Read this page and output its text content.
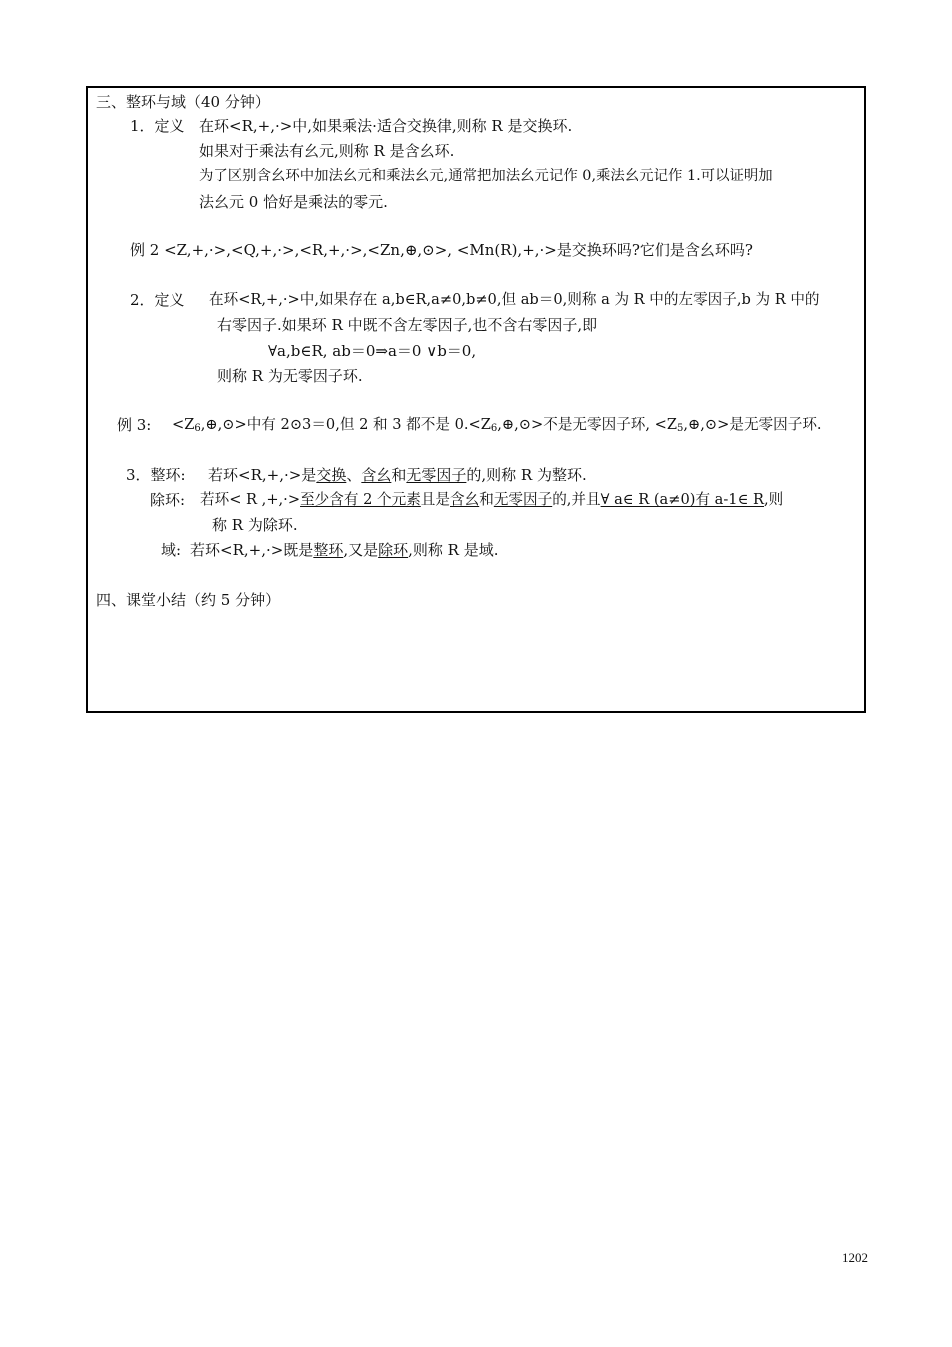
三、整环与域（40 分钟）
1．定义 在环<R,+,·>中,如果乘法·适合交换律,则称 R 是交换环.
如果对于乘法有幺元,则称 R 是含幺环.
为了区别含幺环中加法幺元和乘法幺元,通常把加法幺元记作 0,乘法幺元记作 1.可以证明加
法幺元 0 恰好是乘法的零元.
例 2 <Z,+,·>,<Q,+,·>,<R,+,·>,<Zn,⊕,⊙>, <Mn(R),+,·>是交换环吗?它们是含幺环吗?
2．定义 在环<R,+,·>中,如果存在 a,b∈R,a≠0,b≠0,但 ab＝0,则称 a 为 R 中的左零因子,b 为 R 中的
右零因子.如果环 R 中既不含左零因子,也不含右零因子,即
∀a,b∈R, ab＝0⇒a＝0 ∨b＝0,
则称 R 为无零因子环.
例 3: $<Z_6,\oplus,⊙>$中有 2⊙3＝0,但 2 和 3 都不是 $0.<Z_6,\oplus,⊙>$不是无零因子环, $<Z_5,\oplus,⊙>$是无零因子环.
3．整环: 若环<R,+,·>是交换、含幺和无零因子的,则称 R 为整环.
除环: 若环< R ,+,·>至少含有 2 个元素且是含幺和无零因子的,并且∀ a∈ R (a≠0)有 a-1∈ R,则
称 R 为除环.
域: 若环<R,+,·>既是整环,又是除环,则称 R 是域.
四、课堂小结（约 5 分钟）
1202
